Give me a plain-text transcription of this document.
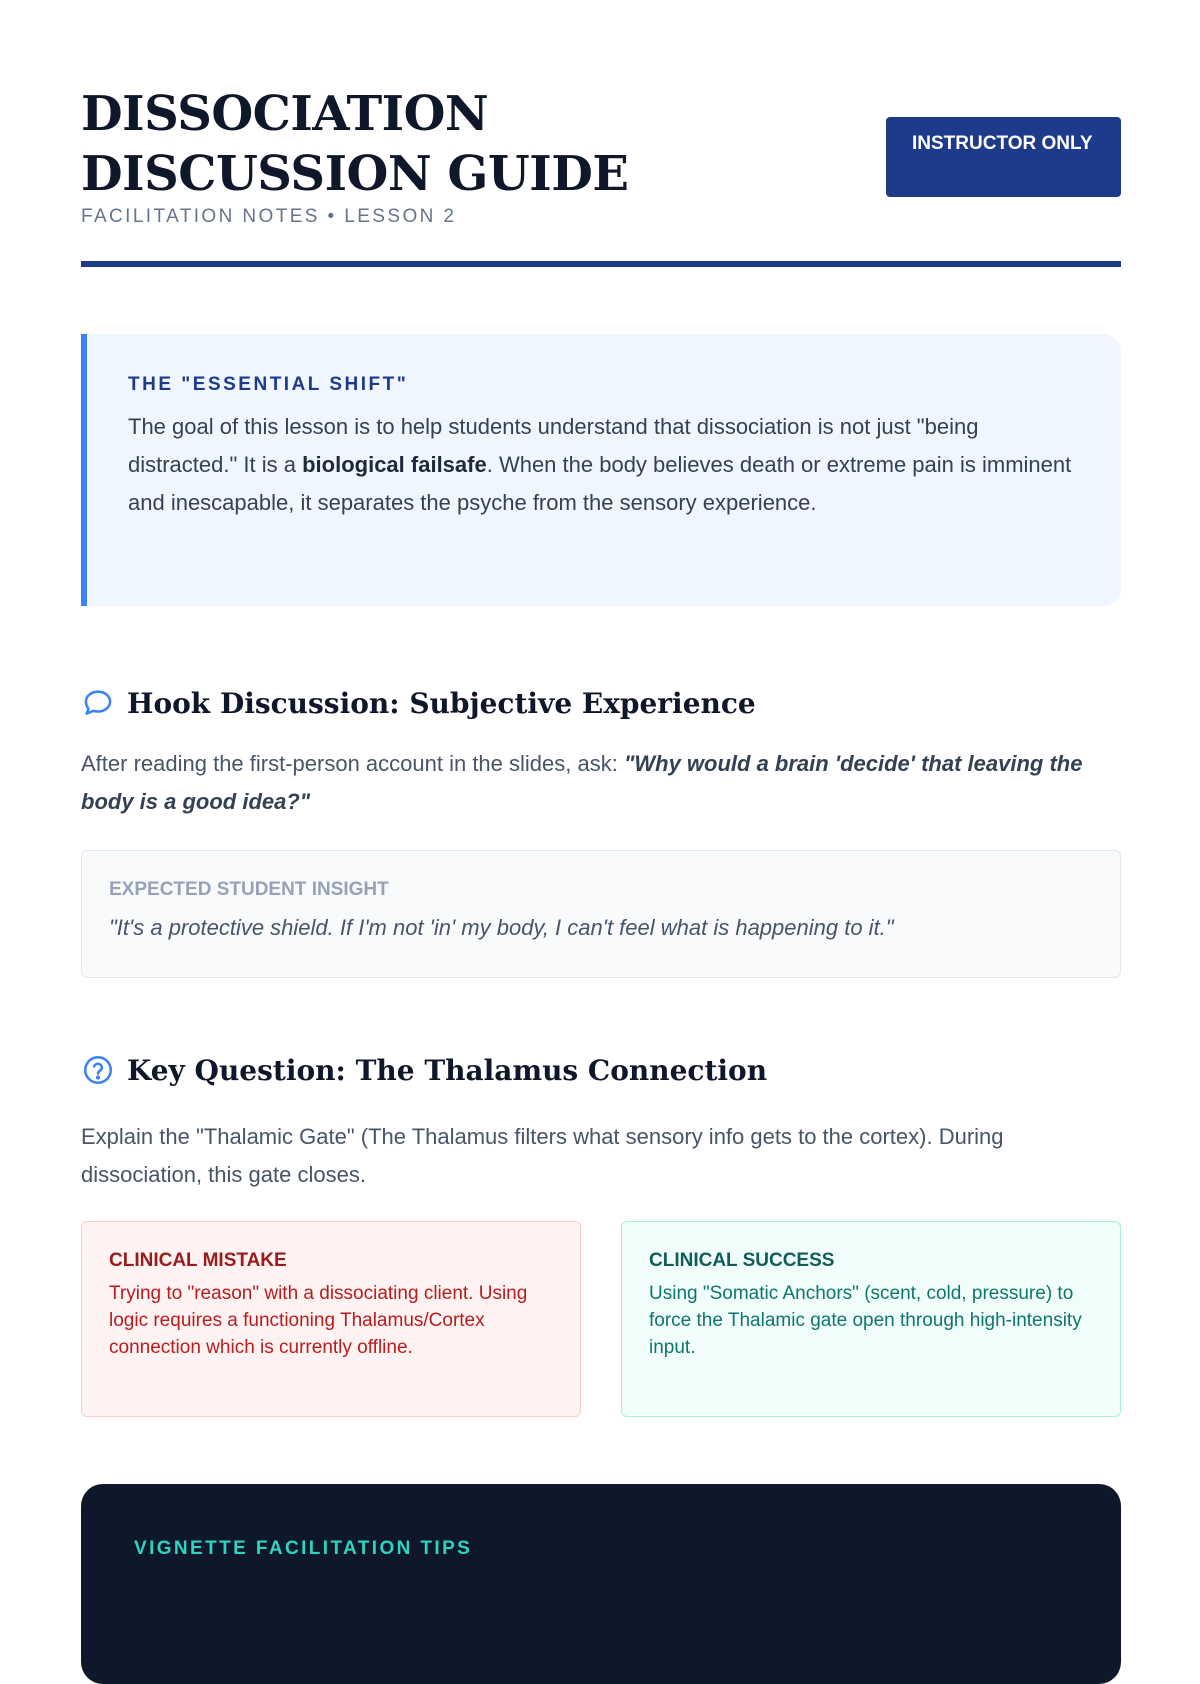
DISSOCIATION DISCUSSION GUIDE
FACILITATION NOTES • LESSON 2
INSTRUCTOR ONLY
THE "ESSENTIAL SHIFT"
The goal of this lesson is to help students understand that dissociation is not just "being distracted." It is a biological failsafe. When the body believes death or extreme pain is imminent and inescapable, it separates the psyche from the sensory experience.
Hook Discussion: Subjective Experience
After reading the first-person account in the slides, ask: "Why would a brain 'decide' that leaving the body is a good idea?"
EXPECTED STUDENT INSIGHT
"It's a protective shield. If I'm not 'in' my body, I can't feel what is happening to it."
Key Question: The Thalamus Connection
Explain the "Thalamic Gate" (The Thalamus filters what sensory info gets to the cortex). During dissociation, this gate closes.
CLINICAL MISTAKE
Trying to "reason" with a dissociating client. Using logic requires a functioning Thalamus/Cortex connection which is currently offline.
CLINICAL SUCCESS
Using "Somatic Anchors" (scent, cold, pressure) to force the Thalamic gate open through high-intensity input.
VIGNETTE FACILITATION TIPS
